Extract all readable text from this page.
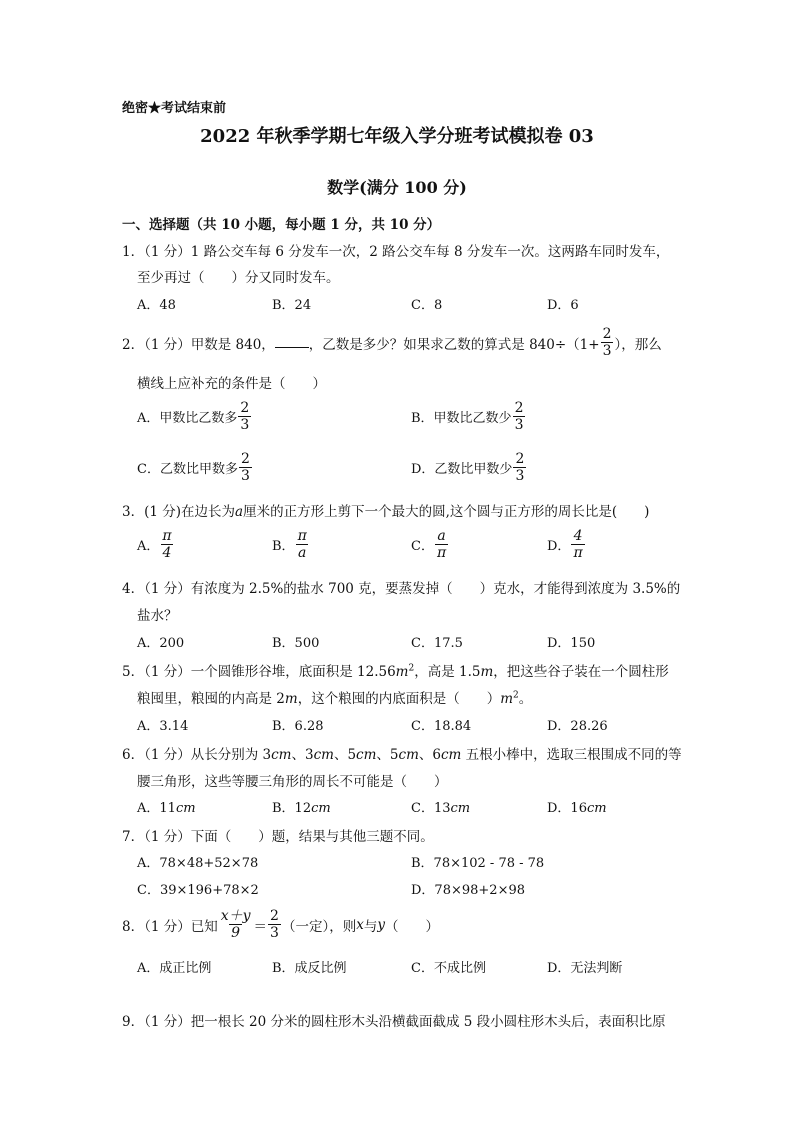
绝密★考试结束前
2022 年秋季学期七年级入学分班考试模拟卷 03
数学(满分 100 分)
一、选择题（共 10 小题，每小题 1 分，共 10 分）
1．（1 分）1 路公交车每 6 分发车一次，2 路公交车每 8 分发车一次。这两路车同时发车，
至少再过（　　）分又同时发车。
A．48	B．24	C．8	D．6
2．（1 分）甲数是 840，	，乙数是多少？如果求乙数的算式是 $840\div(1+ \frac{2}{3}$ ），那么
横线上应补充的条件是（　　）
A．甲数比乙数多 $\frac{2}{3}$	B．甲数比乙数少 $\frac{2}{3}$
C．乙数比甲数多 $\frac{2}{3}$	D．乙数比甲数少 $\frac{2}{3}$
3．(1 分)在边长为a厘米的正方形上剪下一个最大的圆,这个圆与正方形的周长比是(　　)
A． $\frac{\pi}{4}$	B． $\frac{\pi}{a}$	C． $\frac{a}{\pi}$	D． $\frac{4}{\pi}$
4．（1 分）有浓度为 2.5%的盐水 700 克，要蒸发掉（　　）克水，才能得到浓度为 3.5%的
盐水？
A．200	B．500	C．17.5	D．150
5．（1 分）一个圆锥形谷堆，底面积是 $12.56m^2$，高是 1.5m，把这些谷子装在一个圆柱形
粮囤里，粮囤的内高是 2m，这个粮囤的内底面积是（　　）$m^2$。
A．3.14	B．6.28	C．18.84	D．28.26
6．（1 分）从长分别为 3cm、3cm、5cm、5cm、6cm 五根小棒中，选取三根围成不同的等
腰三角形，这些等腰三角形的周长不可能是（　　）
A．11cm	B．12cm	C．13cm	D．16cm
7．（1 分）下面（　　）题，结果与其他三题不同。
A．78×48+52×78	B．78×102 - 78 - 78
C．39×196+78×2	D．78×98+2×98
8．（1 分）已知 $\frac{x+y}{9} = \frac{2}{3}$ （一定），则 x 与 y （　　）
A．成正比例	B．成反比例	C．不成比例	D．无法判断
9．（1 分）把一根长 20 分米的圆柱形木头沿横截面截成 5 段小圆柱形木头后，表面积比原
